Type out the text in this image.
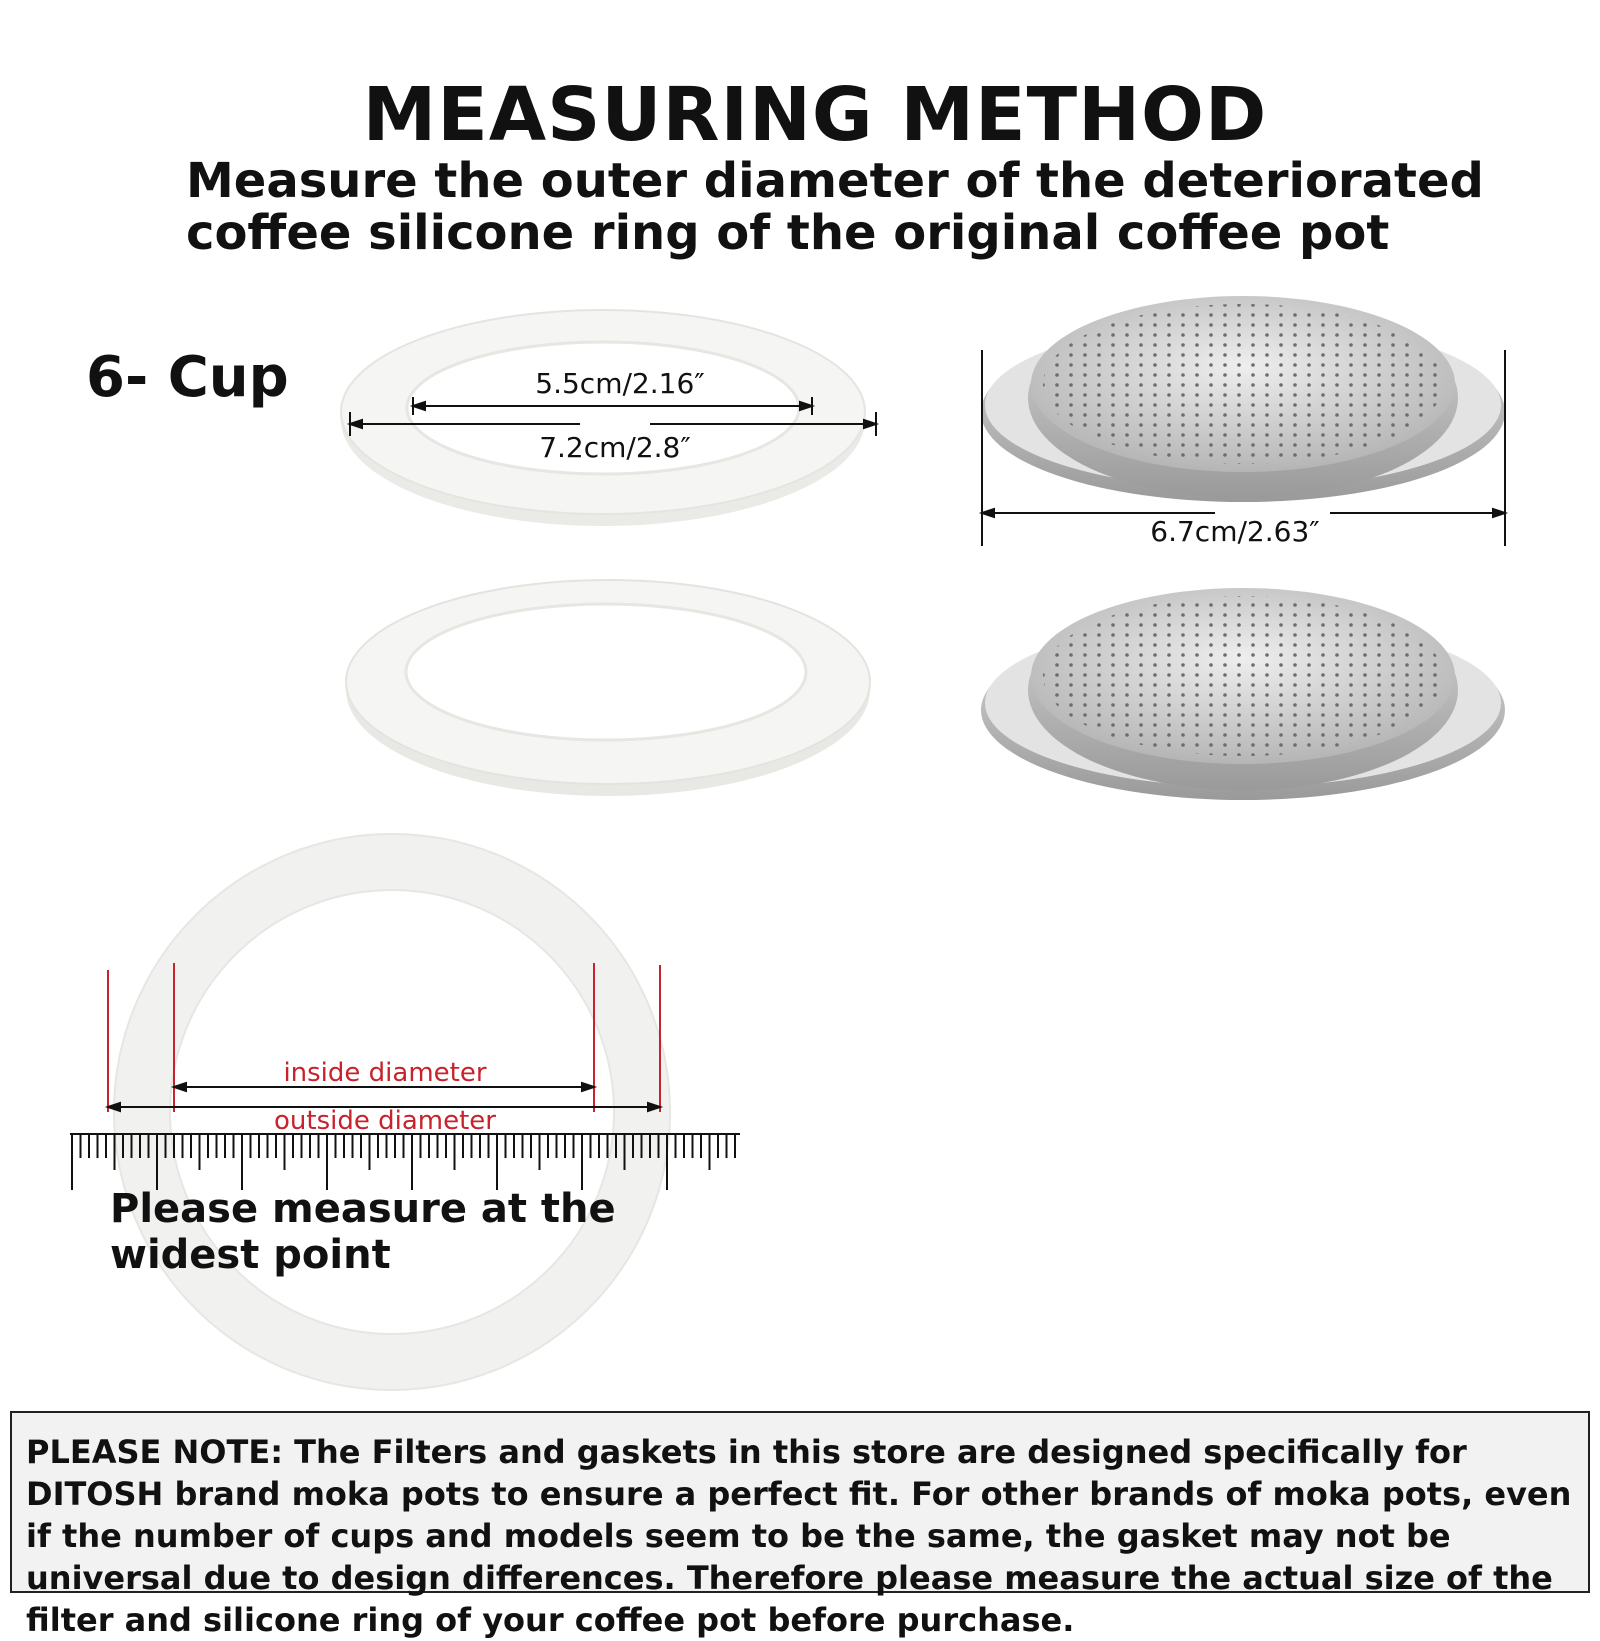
MEASURING METHOD
Measure the outer diameter of the deteriorated coffee silicone ring of the original coffee pot
6- Cup	5.5cm/2.16″
7.2cm/2.8″
6.7cm/2.63″
inside diameter
outside diameter
Please measure at the widest point
PLEASE NOTE: The Filters and gaskets in this store are designed specifically for DITOSH brand moka pots to ensure a perfect fit. For other brands of moka pots, even if the number of cups and models seem to be the same, the gasket may not be universal due to design differences. Therefore please measure the actual size of the filter and silicone ring of your coffee pot before purchase.
